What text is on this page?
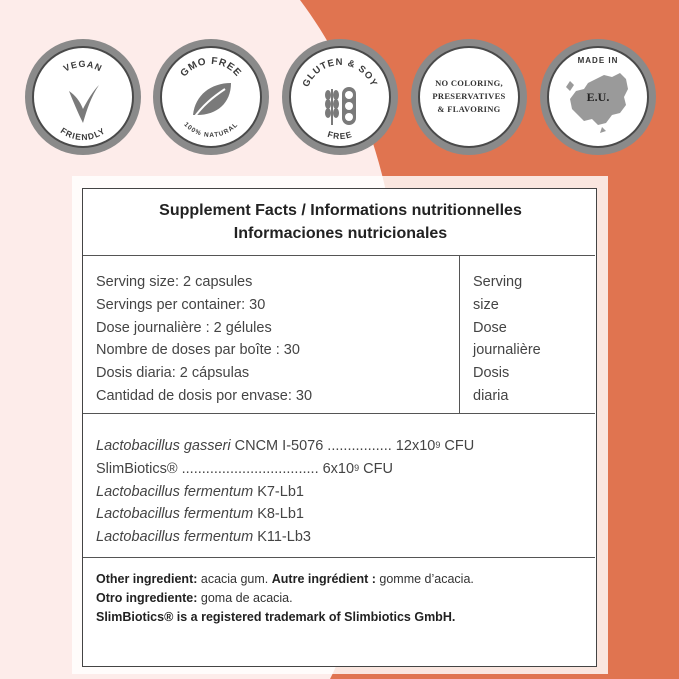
VEGAN
FRIENDLY
GMO FREE
100% NATURAL
GLUTEN & SOY
FREE
NO COLORING,
PRESERVATIVES
& FLAVORING
MADE IN
E.U.
Supplement Facts / Informations nutritionnelles
Informaciones nutricionales
Serving size: 2 capsules
Servings per container: 30
Dose journalière : 2 gélules
Nombre de doses par boîte : 30
Dosis diaria: 2 cápsulas
Cantidad de dosis por envase: 30
Serving
size
Dose
journalière
Dosis
diaria
Lactobacillus gasseri CNCM I-5076 ................ $12x10^9$ CFU
SlimBiotics® .................................. $6x10^9$ CFU
Lactobacillus fermentum K7-Lb1
Lactobacillus fermentum K8-Lb1
Lactobacillus fermentum K11-Lb3
Other ingredient: acacia gum. Autre ingrédient : gomme d’acacia.
Otro ingrediente: goma de acacia.
SlimBiotics® is a registered trademark of Slimbiotics GmbH.
